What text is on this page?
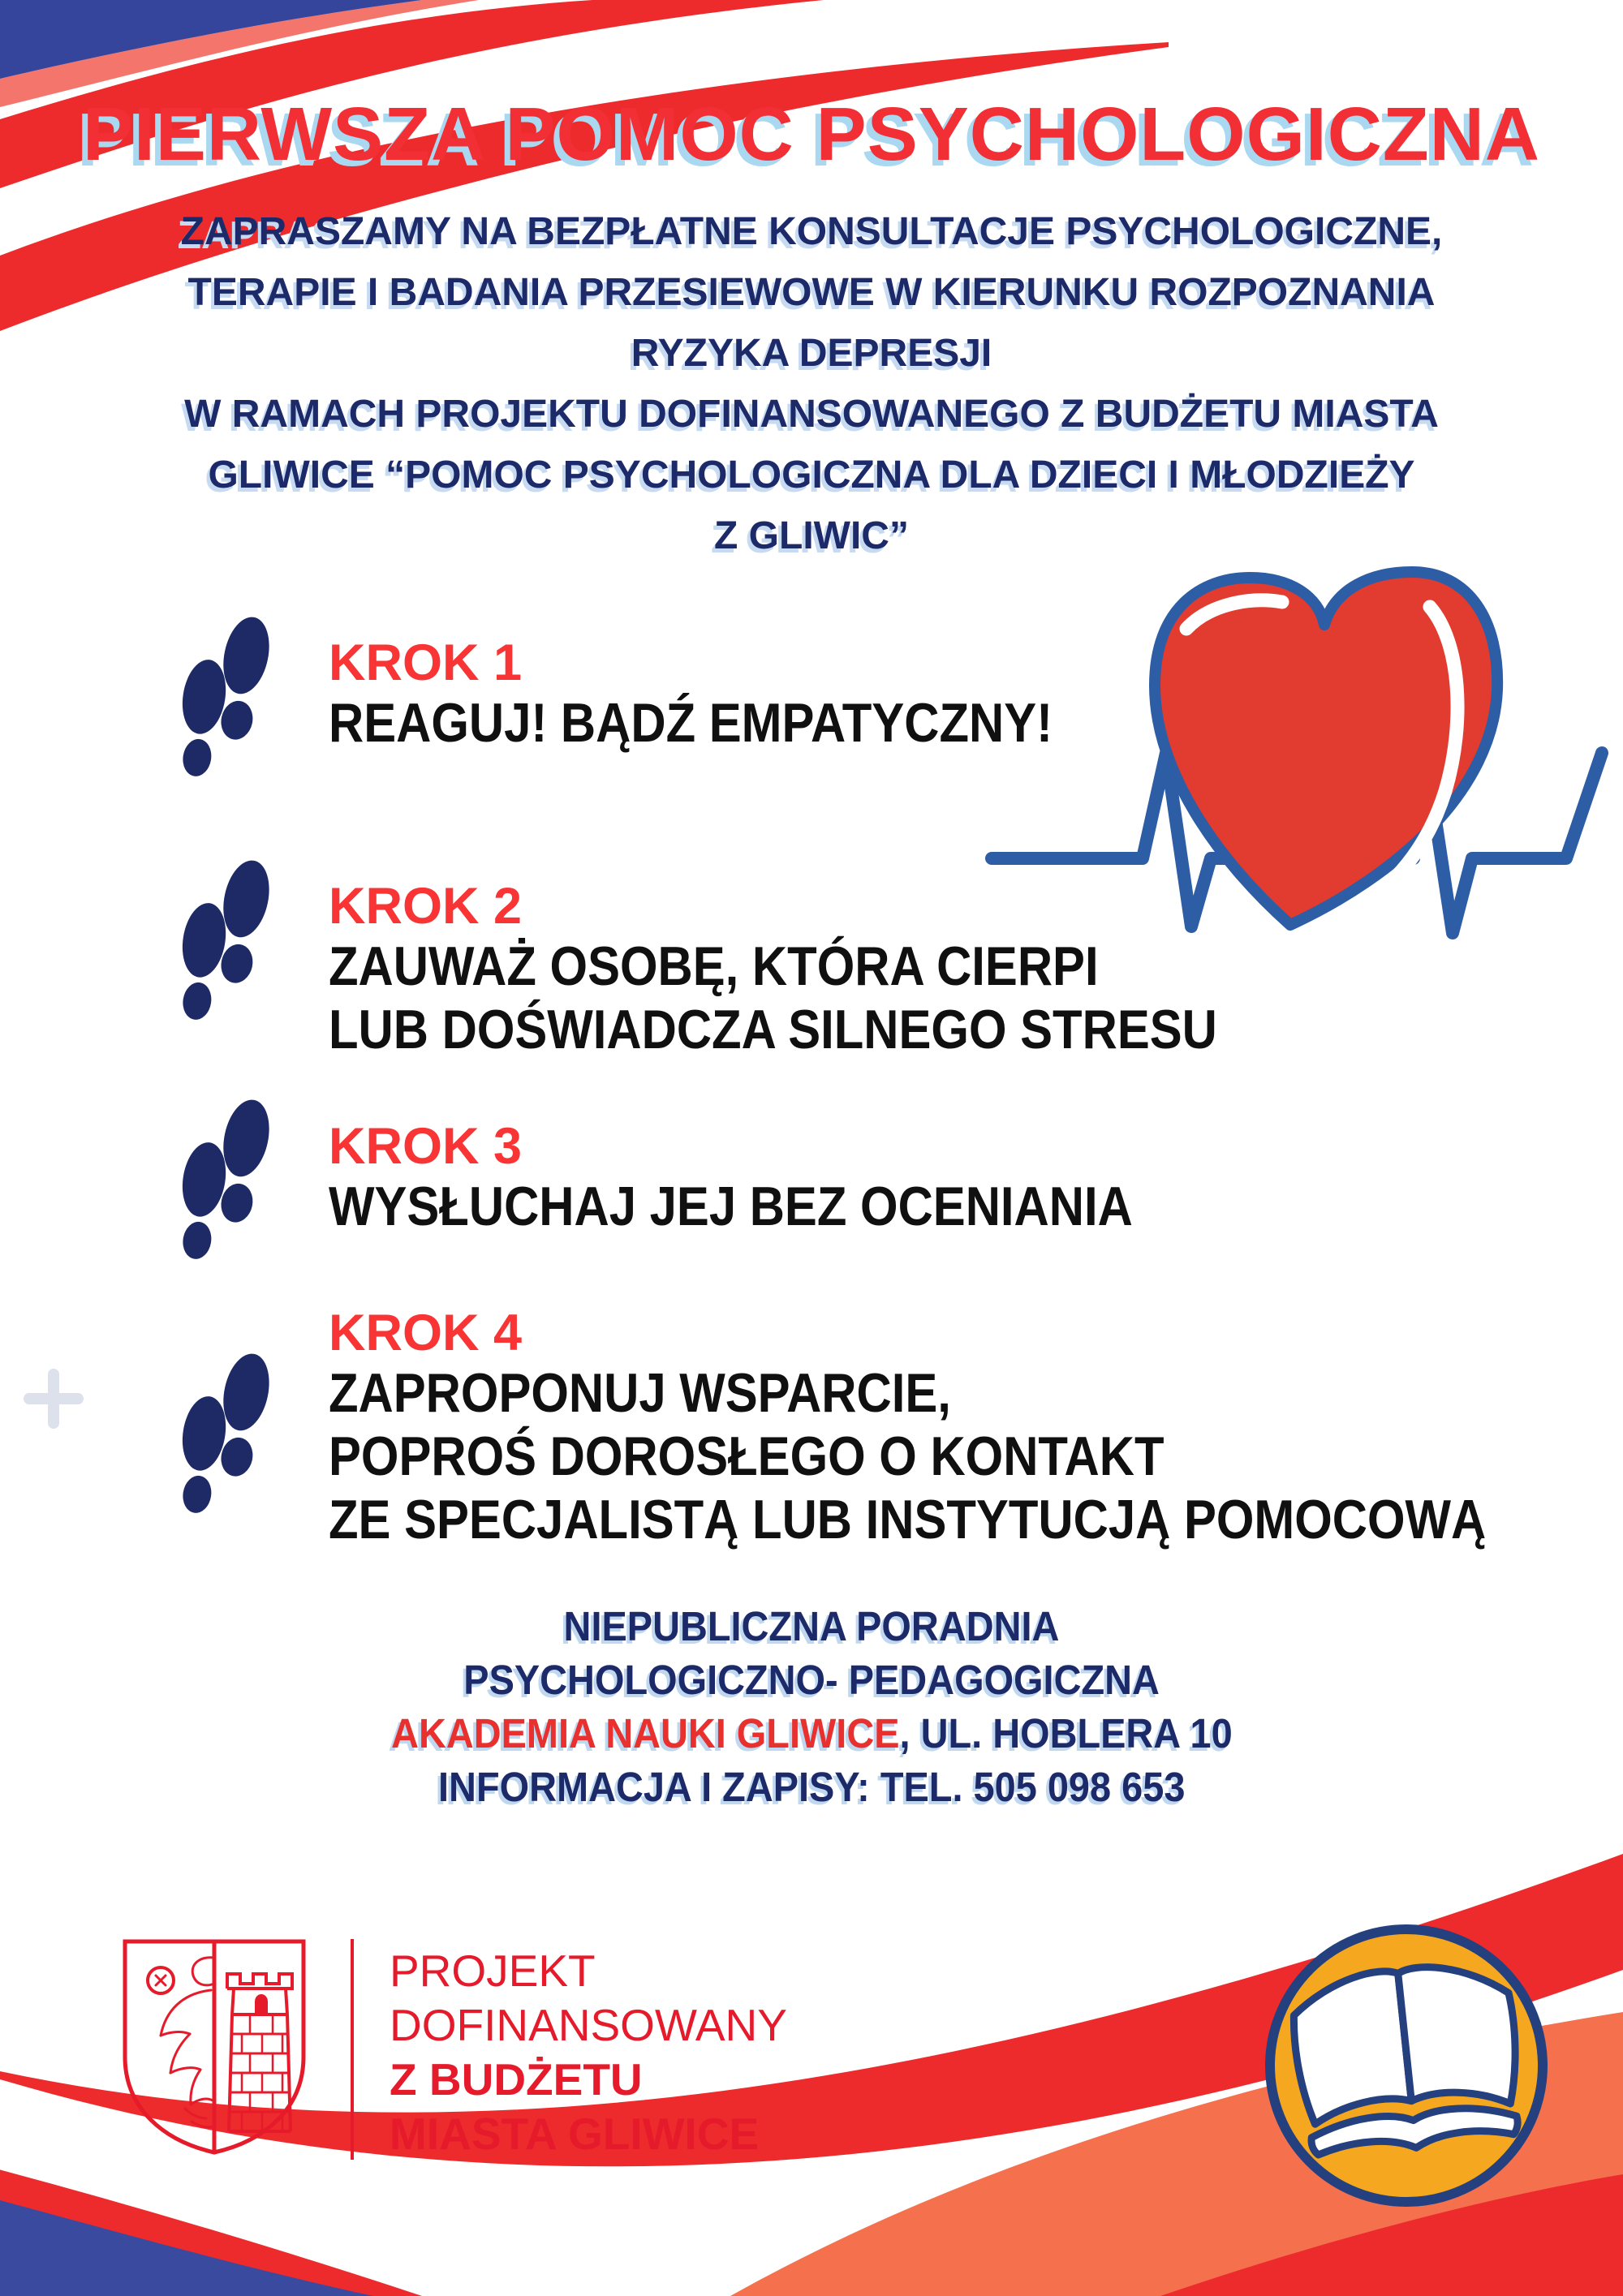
PIERWSZA POMOC PSYCHOLOGICZNA
ZAPRASZAMY NA BEZPŁATNE KONSULTACJE PSYCHOLOGICZNE,
TERAPIE I BADANIA PRZESIEWOWE W KIERUNKU ROZPOZNANIA
RYZYKA DEPRESJI
W RAMACH PROJEKTU DOFINANSOWANEGO Z BUDŻETU MIASTA
GLIWICE “POMOC PSYCHOLOGICZNA DLA DZIECI I MŁODZIEŻY
Z GLIWIC”
KROK 1
REAGUJ! BĄDŹ EMPATYCZNY!
KROK 2
ZAUWAŻ OSOBĘ, KTÓRA CIERPI
LUB DOŚWIADCZA SILNEGO STRESU
KROK 3
WYSŁUCHAJ JEJ BEZ OCENIANIA
KROK 4
ZAPROPONUJ WSPARCIE,
POPROŚ DOROSŁEGO O KONTAKT
ZE SPECJALISTĄ LUB INSTYTUCJĄ POMOCOWĄ
NIEPUBLICZNA PORADNIA
PSYCHOLOGICZNO- PEDAGOGICZNA
AKADEMIA NAUKI GLIWICE, UL. HOBLERA 10
INFORMACJA I ZAPISY: TEL. 505 098 653
PROJEKT
DOFINANSOWANY
Z BUDŻETU
MIASTA GLIWICE
